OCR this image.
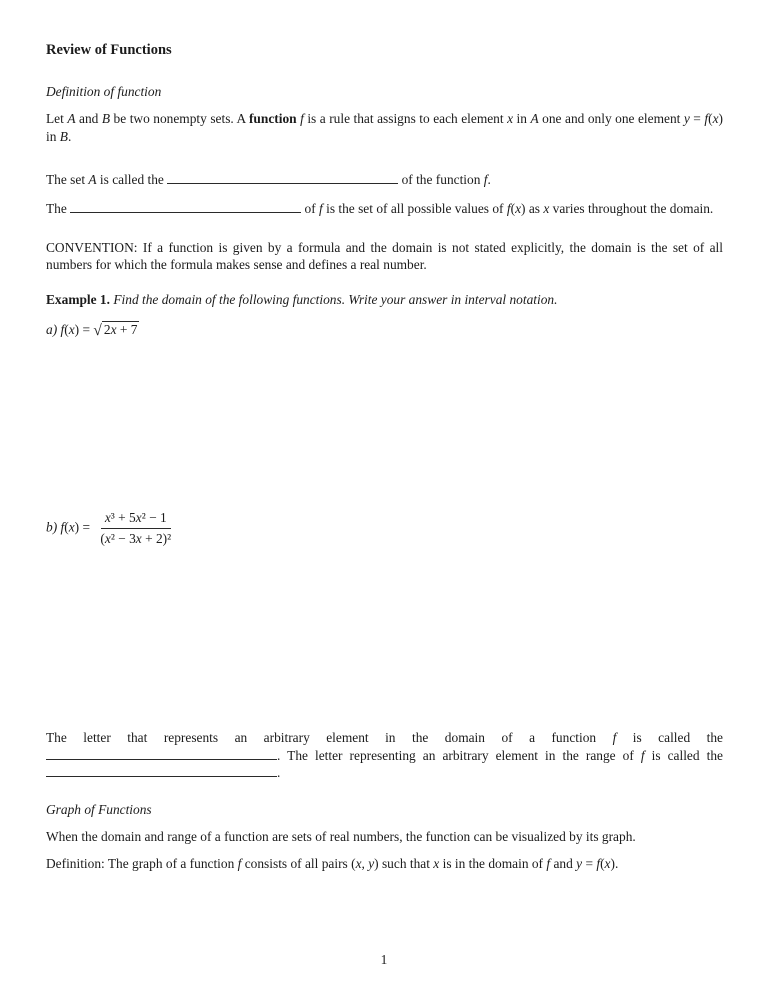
Review of Functions
Definition of function

Let A and B be two nonempty sets. A function f is a rule that assigns to each element x in A one and only one element y = f(x) in B.

The set A is called the	of the function f.

The	of f is the set of all possible values of f(x) as x varies throughout the domain.

CONVENTION: If a function is given by a formula and the domain is not stated explicitly, the domain is the set of all numbers for which the formula makes sense and defines a real number.

Example 1. Find the domain of the following functions. Write your answer in interval notation.

a) f(x) = √ 2x + 7
b) $f(x) = \frac{\text{x³ + 5x² − 1}}{\text{(x² − 3x + 2)²}}$

The letter that represents an arbitrary element in the domain of a function f is called the . The letter representing an arbitrary element in the range of f is called the .

Graph of Functions

When the domain and range of a function are sets of real numbers, the function can be visualized by its graph.

Definition: The graph of a function f consists of all pairs (x, y) such that x is in the domain of f and y = f(x).

1
